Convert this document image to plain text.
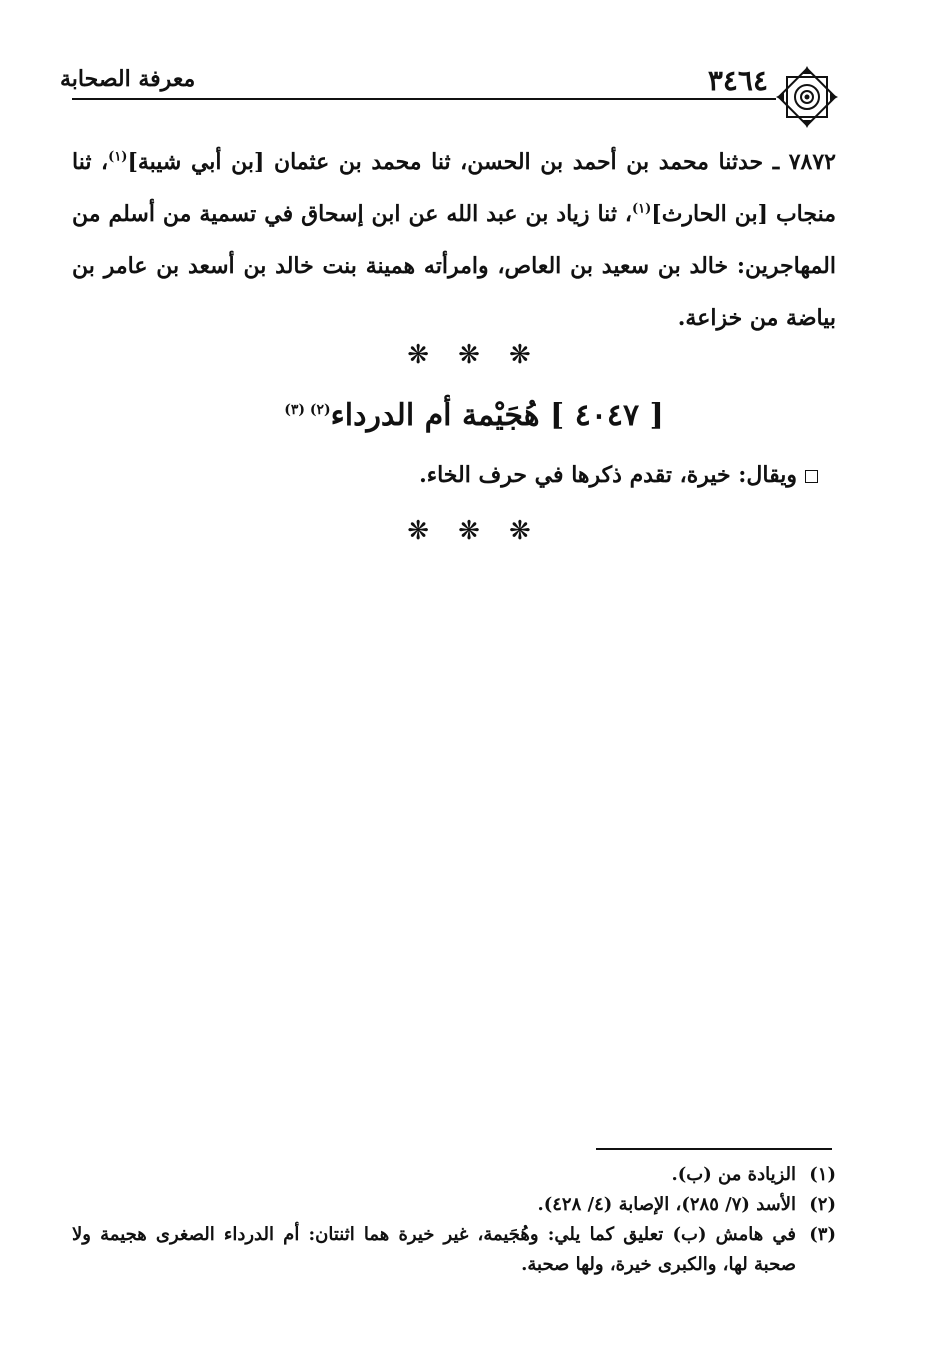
٣٤٦٤
معرفة الصحابة
٧٨٧٢ ـ حدثنا محمد بن أحمد بن الحسن، ثنا محمد بن عثمان [بن أبي شيبة]$^{(١)}$، ثنا منجاب [بن الحارث]$^{(١)}$، ثنا زياد بن عبد الله عن ابن إسحاق في تسمية من أسلم من المهاجرين: خالد بن سعيد بن العاص، وامرأته همينة بنت خالد بن أسعد بن عامر بن بياضة من خزاعة.
❋ ❋ ❋
[ ٤٠٤٧ ] هُجَيْمة أم الدرداء$^{(٢) (٣)}$
ويقال: خيرة، تقدم ذكرها في حرف الخاء.
❋ ❋ ❋
(١)
الزيادة من (ب).
(٢)
الأسد (٧/ ٢٨٥)، الإصابة (٤/ ٤٢٨).
(٣)
في هامش (ب) تعليق كما يلي: وهُجَيمة، غير خيرة هما اثنتان: أم الدرداء الصغرى هجيمة ولا صحبة لها، والكبرى خيرة، ولها صحبة.
